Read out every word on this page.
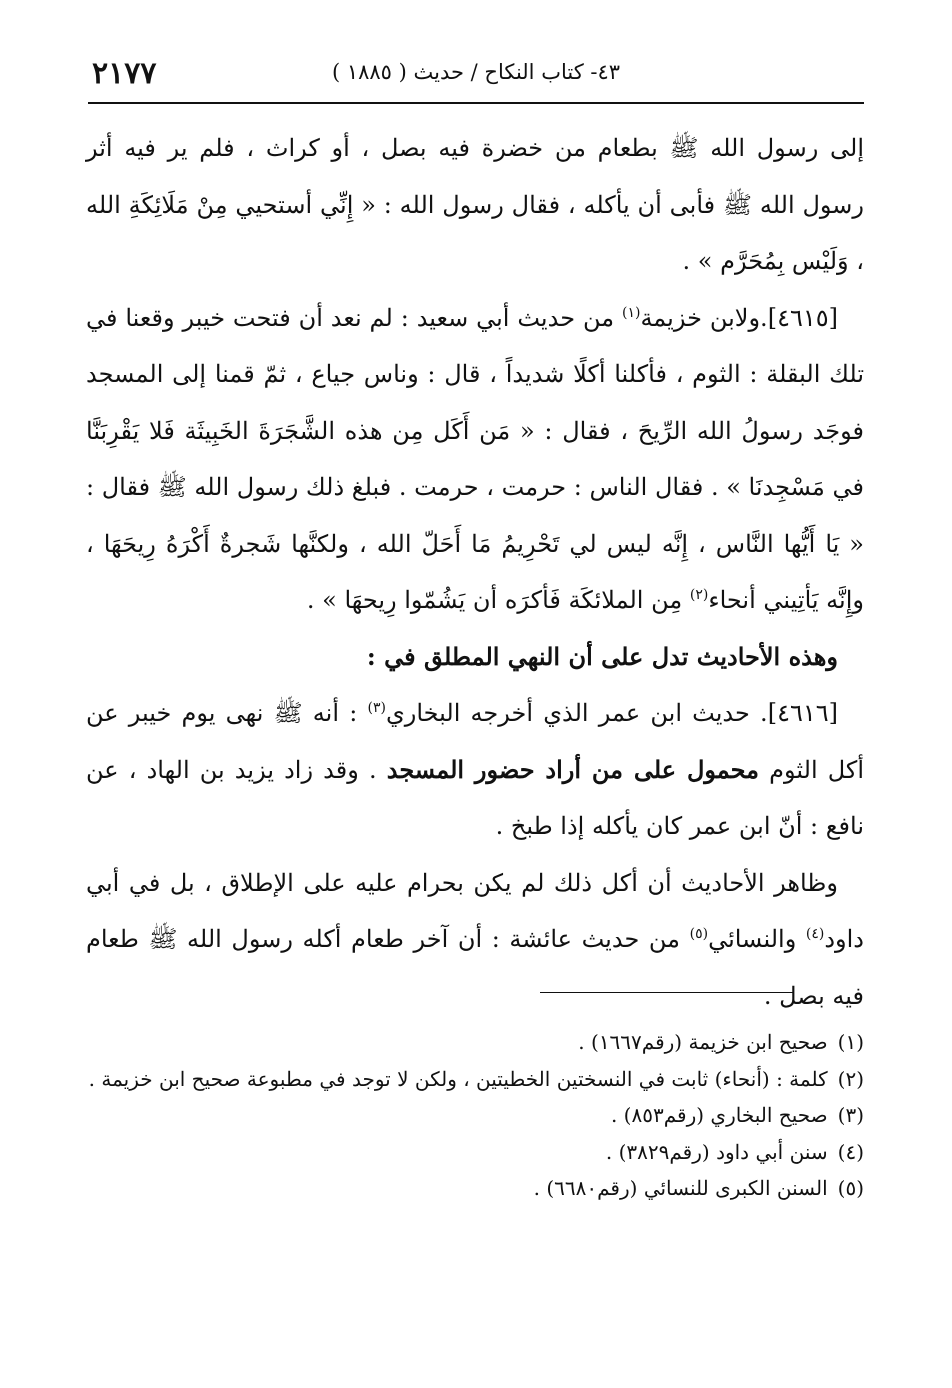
٢١٧٧	٤٣- كتاب النكاح / حديث ( ١٨٨٥ )

إلى رسول الله ﷺ بطعام من خضرة فيه بصل ، أو كراث ، فلم ير فيه أثر رسول الله ﷺ فأبى أن يأكله ، فقال رسول الله : « إِنِّي أستحيي مِنْ مَلَائِكَةِ الله ، وَلَيْس بِمُحَرَّم » .

[٤٦١٥].ولابن خزيمة$^{(١)}$ من حديث أبي سعيد : لم نعد أن فتحت خيبر وقعنا في تلك البقلة : الثوم ، فأكلنا أكلًا شديداً ، قال : وناس جياع ، ثمّ قمنا إلى المسجد فوجَد رسولُ الله الرِّيحَ ، فقال : « مَن أَكَل مِن هذه الشَّجَرَةَ الخَبِيثَة فَلا يَقْرِبَنَّا في مَسْجِدنَا » . فقال الناس : حرمت ، حرمت . فبلغ ذلك رسول الله ﷺ فقال : « يَا أَيُّها النَّاس ، إِنَّه ليس لي تَحْرِيمُ مَا أَحَلّ الله ، ولكنَّها شَجرةٌ أَكْرَهُ رِيحَهَا ، وإِنَّه يَأتِيني أنحاء$^{(٢)}$ مِن الملائكَة فَأكرَه أن يَشُمّوا رِيحهَا » .

وهذه الأحاديث تدل على أن النهي المطلق في :

[٤٦١٦]. حديث ابن عمر الذي أخرجه البخاري$^{(٣)}$ : أنه ﷺ نهى يوم خيبر عن أكل الثوم محمول على من أراد حضور المسجد . وقد زاد يزيد بن الهاد ، عن نافع : أنّ ابن عمر كان يأكله إذا طبخ .

وظاهر الأحاديث أن أكل ذلك لم يكن بحرام عليه على الإطلاق ، بل في أبي داود$^{(٤)}$ والنسائي$^{(٥)}$ من حديث عائشة : أن آخر طعام أكله رسول الله ﷺ طعام فيه بصل .

(١)صحيح ابن خزيمة (رقم١٦٦٧) .
(٢)كلمة : (أنحاء) ثابت في النسختين الخطيتين ، ولكن لا توجد في مطبوعة صحيح ابن خزيمة .
(٣)صحيح البخاري (رقم٨٥٣) .
(٤)سنن أبي داود (رقم٣٨٢٩) .
(٥)السنن الكبرى للنسائي (رقم٦٦٨٠) .
